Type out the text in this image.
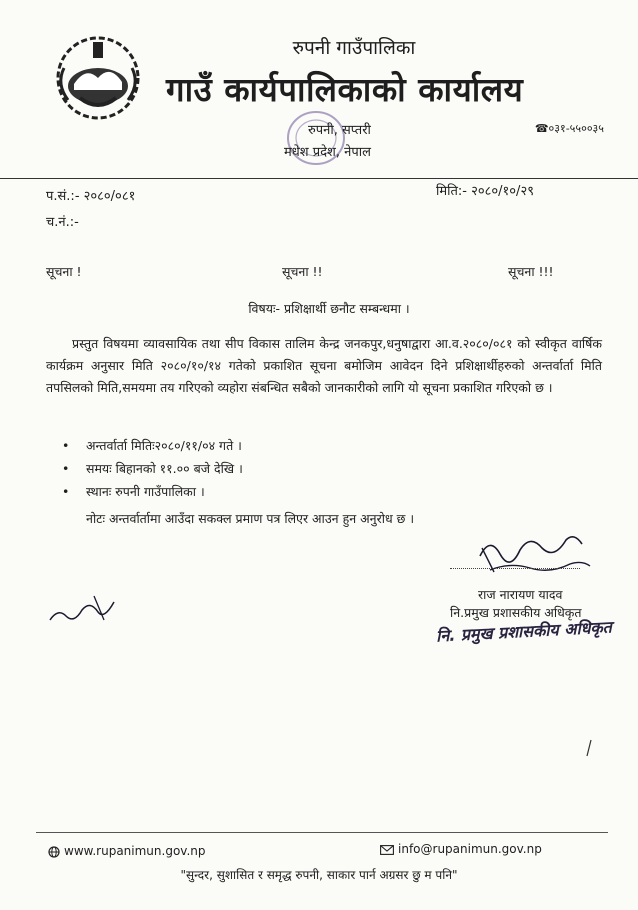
रुपनी गाउँपालिका
गाउँ कार्यपालिकाको कार्यालय
रुपनी, सप्तरी
मधेश प्रदेश, नेपाल
☎०३१-५५००३५
प.सं.:- २०८०/०८१	मिति:- २०८०/१०/२९
च.नं.:-
सूचना !	सूचना !!	सूचना !!!
विषयः- प्रशिक्षार्थी छनौट सम्बन्धमा ।
प्रस्तुत विषयमा व्यावसायिक तथा सीप विकास तालिम केन्द्र जनकपुर,धनुषाद्वारा आ.व.२०८०/०८१ को स्वीकृत वार्षिक कार्यक्रम अनुसार मिति २०८०/१०/१४ गतेको प्रकाशित सूचना बमोजिम आवेदन दिने प्रशिक्षार्थीहरुको अन्तर्वार्ता मिति तपसिलको मिति,समयमा तय गरिएको व्यहोरा संबन्धित सबैको जानकारीको लागि यो सूचना प्रकाशित गरिएको छ ।
• अन्तर्वार्ता मितिः२०८०/११/०४ गते ।
• समयः बिहानको ११.०० बजे देखि ।
• स्थानः रुपनी गाउँपालिका ।
नोटः अन्तर्वार्तामा आउँदा सकक्ल प्रमाण पत्र लिएर आउन हुन अनुरोध छ ।
राज नारायण यादव
नि.प्रमुख प्रशासकीय अधिकृत
नि. प्रमुख प्रशासकीय अधिकृत
www.rupanimun.gov.np	info@rupanimun.gov.np
"सुन्दर, सुशासित र समृद्ध रुपनी, साकार पार्न अग्रसर छु म पनि"
